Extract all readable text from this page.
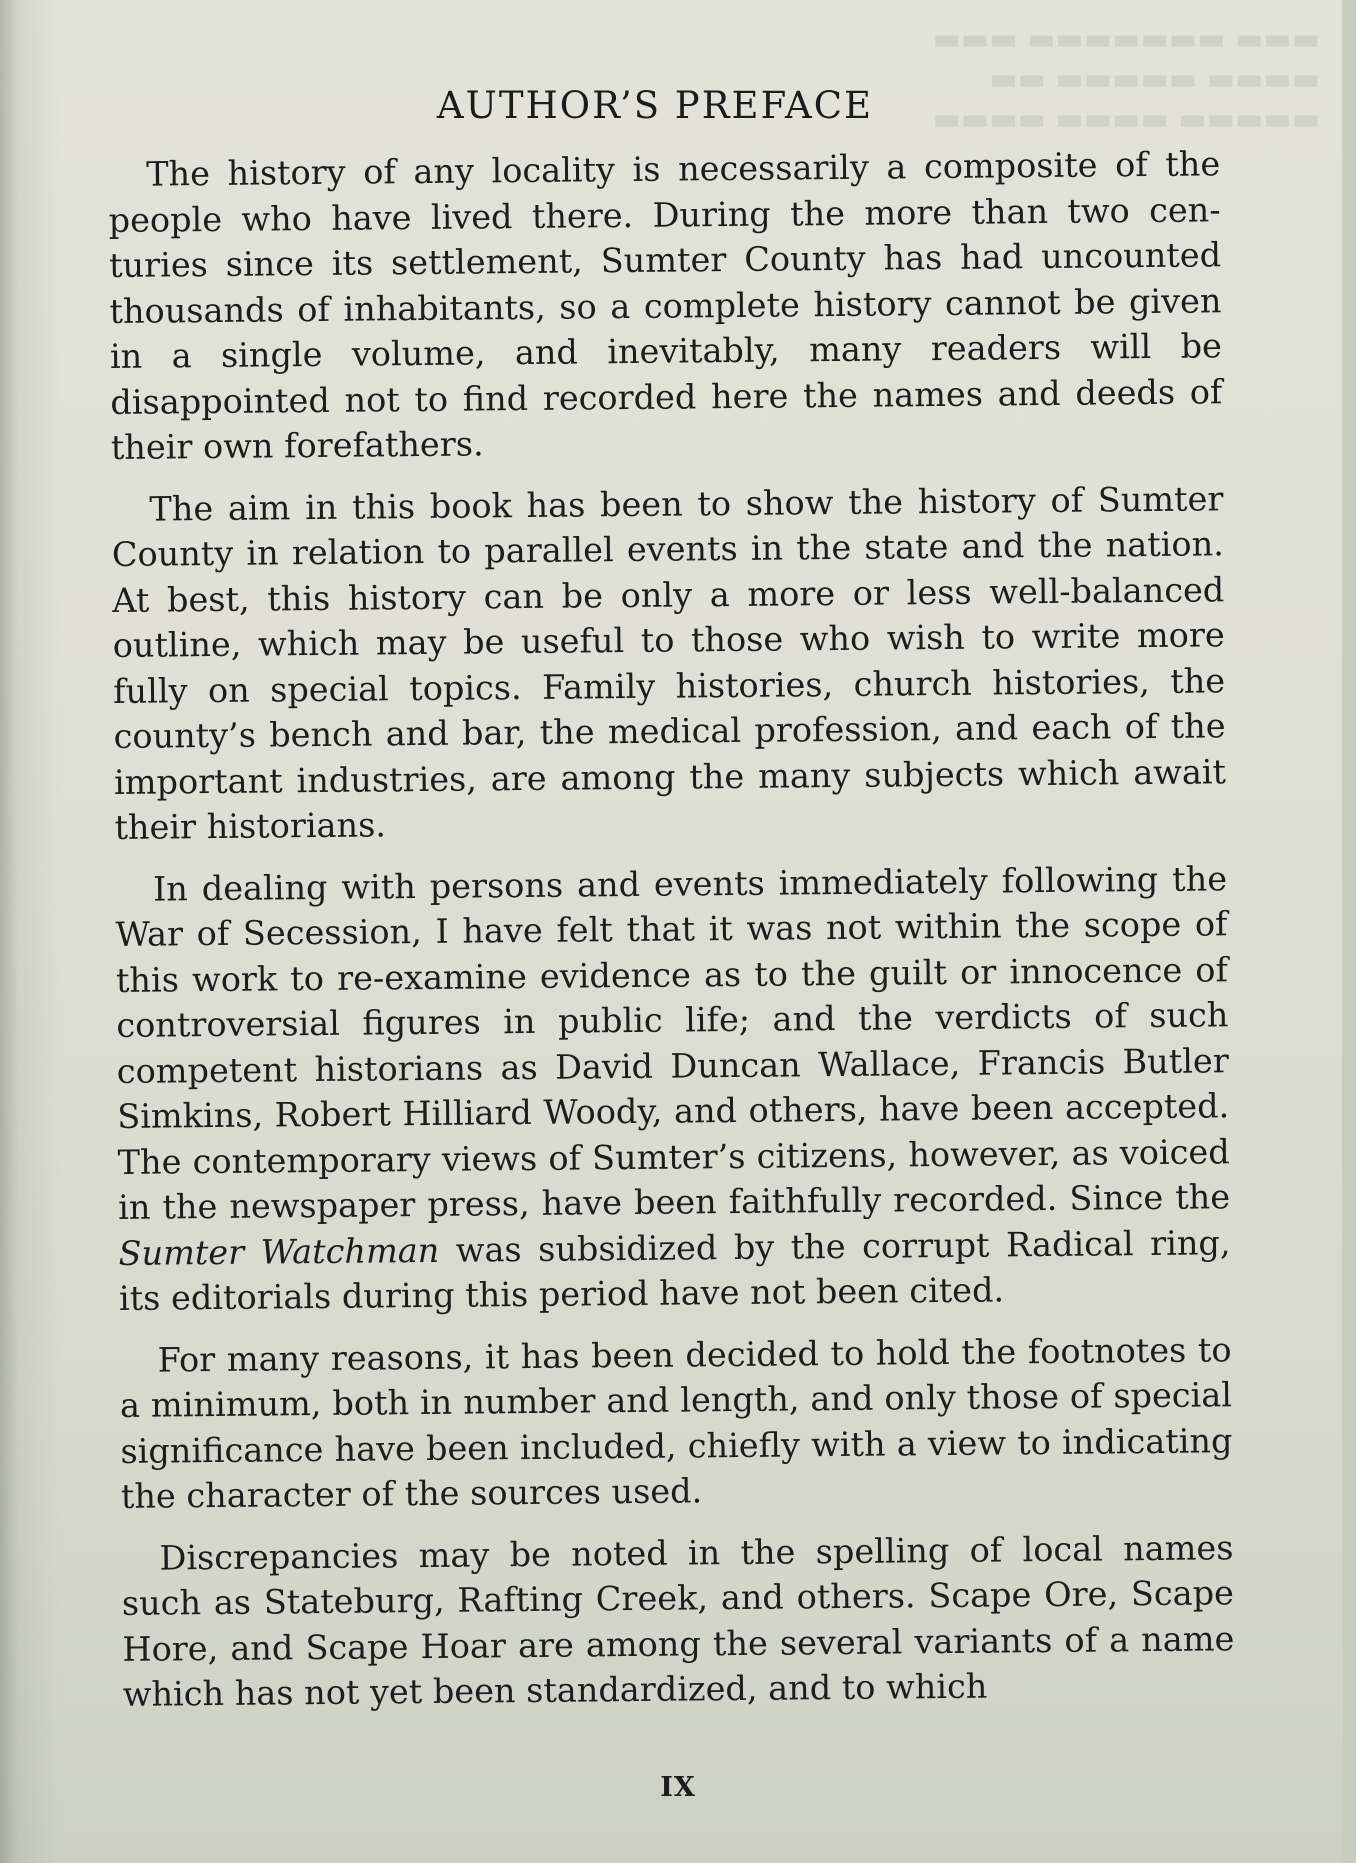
▬▬▬ ▬▬▬▬▬▬▬ ▬▬▬
▬▬▬▬ ▬▬▬▬▬ ▬▬
▬▬▬▬▬ ▬▬▬▬ ▬▬▬▬
AUTHOR’S PREFACE

The history of any locality is necessarily a composite of the people who have lived there. During the more than two centuries since its settlement, Sumter County has had uncounted thousands of inhabitants, so a complete history cannot be given in a single volume, and inevitably, many readers will be disappointed not to find recorded here the names and deeds of their own forefathers.

The aim in this book has been to show the history of Sumter County in relation to parallel events in the state and the nation. At best, this history can be only a more or less well-balanced outline, which may be useful to those who wish to write more fully on special topics. Family histories, church histories, the county’s bench and bar, the medical profession, and each of the important industries, are among the many subjects which await their historians.

In dealing with persons and events immediately following the War of Secession, I have felt that it was not within the scope of this work to re-examine evidence as to the guilt or innocence of controversial figures in public life; and the verdicts of such competent historians as David Duncan Wallace, Francis Butler Simkins, Robert Hilliard Woody, and others, have been accepted. The contemporary views of Sumter’s citizens, however, as voiced in the newspaper press, have been faithfully recorded. Since the Sumter Watchman was subsidized by the corrupt Radical ring, its editorials during this period have not been cited.

For many reasons, it has been decided to hold the footnotes to a minimum, both in number and length, and only those of special significance have been included, chiefly with a view to indicating the character of the sources used.

Discrepancies may be noted in the spelling of local names such as Stateburg, Rafting Creek, and others. Scape Ore, Scape Hore, and Scape Hoar are among the several variants of a name which has not yet been standardized, and to which

IX
